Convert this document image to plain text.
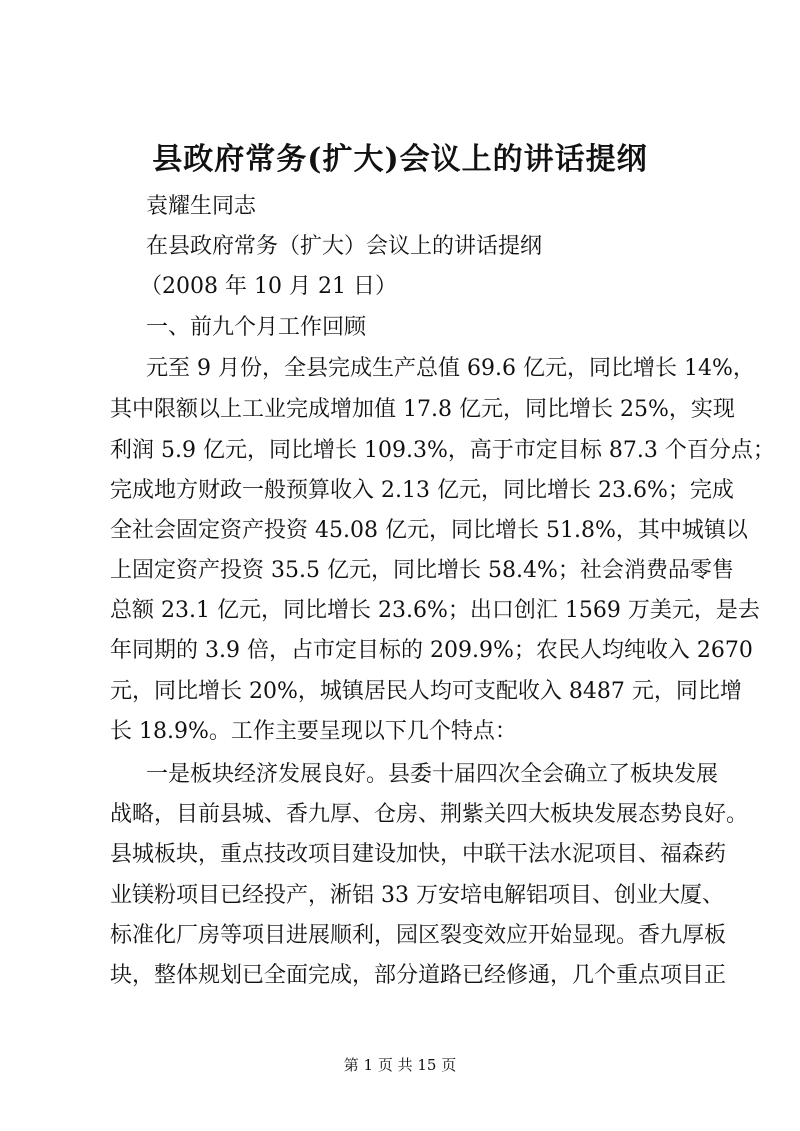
县政府常务(扩大)会议上的讲话提纲
袁耀生同志
在县政府常务（扩大）会议上的讲话提纲
（2008 年 10 月 21 日）
一、前九个月工作回顾
元至 9 月份，全县完成生产总值 69.6 亿元，同比增长 14%，
其中限额以上工业完成增加值 17.8 亿元，同比增长 25%，实现
利润 5.9 亿元，同比增长 109.3%，高于市定目标 87.3 个百分点；
完成地方财政一般预算收入 2.13 亿元，同比增长 23.6%；完成
全社会固定资产投资 45.08 亿元，同比增长 51.8%，其中城镇以
上固定资产投资 35.5 亿元，同比增长 58.4%；社会消费品零售
总额 23.1 亿元，同比增长 23.6%；出口创汇 1569 万美元，是去
年同期的 3.9 倍，占市定目标的 209.9%；农民人均纯收入 2670
元，同比增长 20%，城镇居民人均可支配收入 8487 元，同比增
长 18.9%。工作主要呈现以下几个特点：
一是板块经济发展良好。县委十届四次全会确立了板块发展
战略，目前县城、香九厚、仓房、荆紫关四大板块发展态势良好。
县城板块，重点技改项目建设加快，中联干法水泥项目、福森药
业镁粉项目已经投产，淅铝 33 万安培电解铝项目、创业大厦、
标准化厂房等项目进展顺利，园区裂变效应开始显现。香九厚板
块，整体规划已全面完成，部分道路已经修通，几个重点项目正
第 1 页 共 15 页
